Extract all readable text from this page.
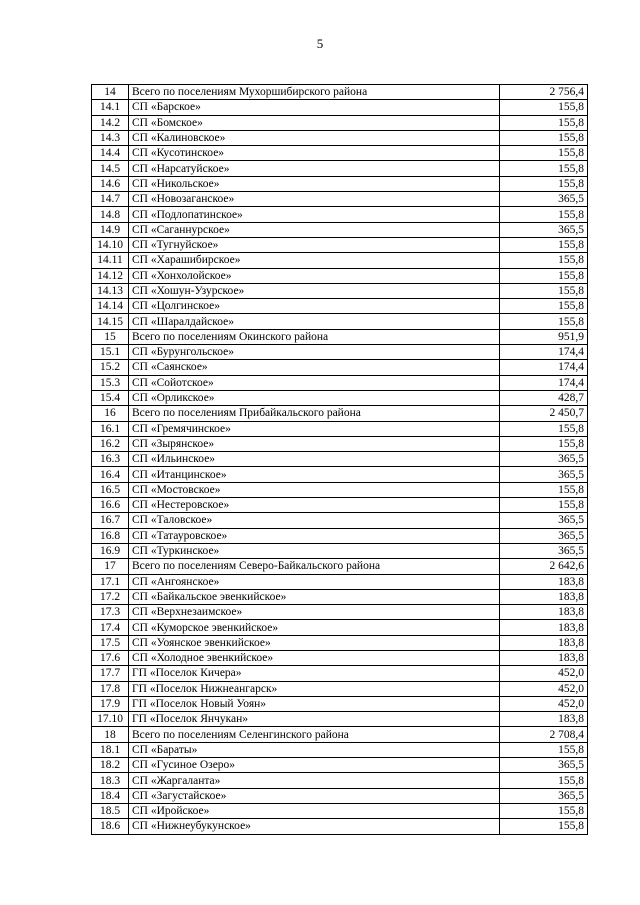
5
14	Всего по поселениям Мухоршибирского района	2 756,4
14.1	СП «Барское»	155,8
14.2	СП «Бомское»	155,8
14.3	СП «Калиновское»	155,8
14.4	СП «Кусотинское»	155,8
14.5	СП «Нарсатуйское»	155,8
14.6	СП «Никольское»	155,8
14.7	СП «Новозаганское»	365,5
14.8	СП «Подлопатинское»	155,8
14.9	СП «Саганнурское»	365,5
14.10	СП «Тугнуйское»	155,8
14.11	СП «Харашибирское»	155,8
14.12	СП «Хонхолойское»	155,8
14.13	СП «Хошун-Узурское»	155,8
14.14	СП «Цолгинское»	155,8
14.15	СП «Шаралдайское»	155,8
15	Всего по поселениям Окинского района	951,9
15.1	СП «Бурунгольское»	174,4
15.2	СП «Саянское»	174,4
15.3	СП «Сойотское»	174,4
15.4	СП «Орликское»	428,7
16	Всего по поселениям Прибайкальского района	2 450,7
16.1	СП «Гремячинское»	155,8
16.2	СП «Зырянское»	155,8
16.3	СП «Ильинское»	365,5
16.4	СП «Итанцинское»	365,5
16.5	СП «Мостовское»	155,8
16.6	СП «Нестеровское»	155,8
16.7	СП «Таловское»	365,5
16.8	СП «Татауровское»	365,5
16.9	СП «Туркинское»	365,5
17	Всего по поселениям Северо-Байкальского района	2 642,6
17.1	СП «Ангоянское»	183,8
17.2	СП «Байкальское эвенкийское»	183,8
17.3	СП «Верхнезаимское»	183,8
17.4	СП «Куморское эвенкийское»	183,8
17.5	СП «Уоянское эвенкийское»	183,8
17.6	СП «Холодное эвенкийское»	183,8
17.7	ГП «Поселок Кичера»	452,0
17.8	ГП «Поселок Нижнеангарск»	452,0
17.9	ГП «Поселок Новый Уоян»	452,0
17.10	ГП «Поселок Янчукан»	183,8
18	Всего по поселениям Селенгинского района	2 708,4
18.1	СП «Бараты»	155,8
18.2	СП «Гусиное Озеро»	365,5
18.3	СП «Жаргаланта»	155,8
18.4	СП «Загустайское»	365,5
18.5	СП «Иройское»	155,8
18.6	СП «Нижнеубукунское»	155,8
